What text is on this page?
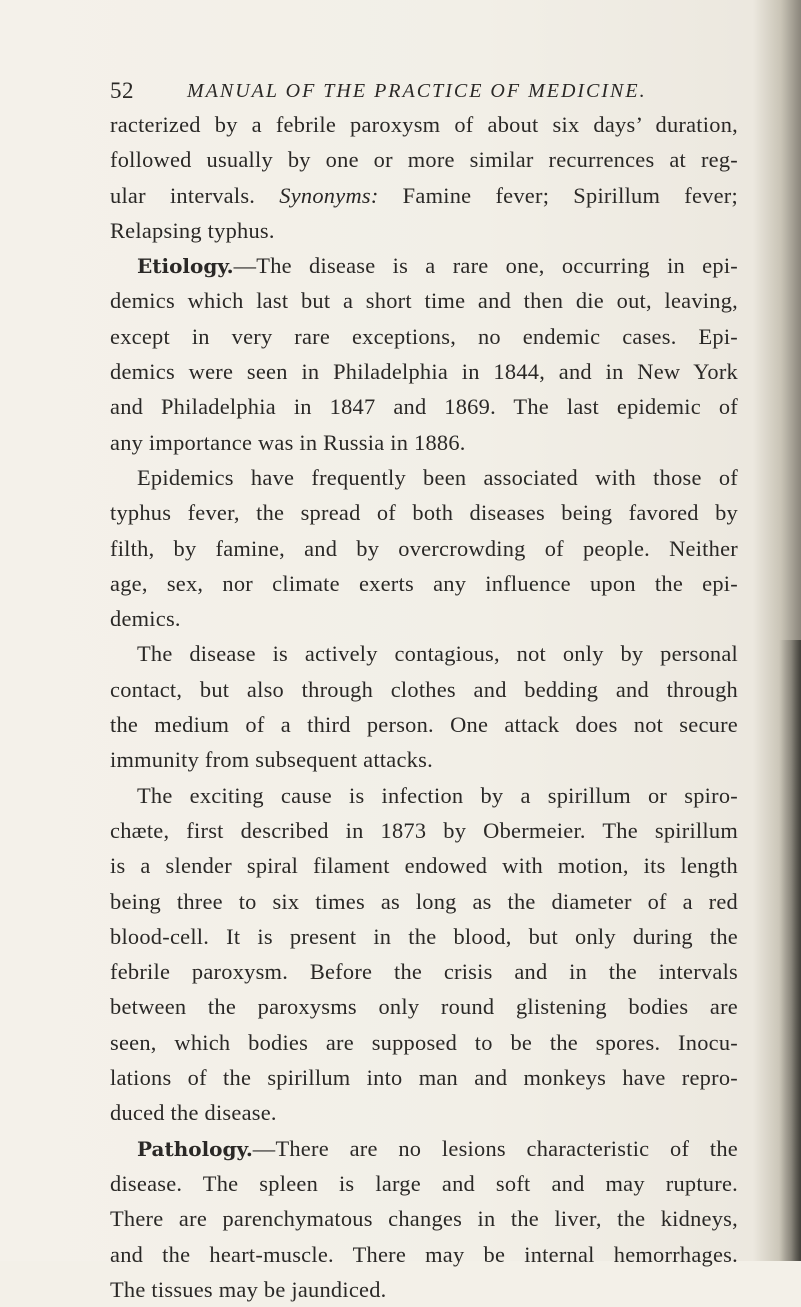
52	MANUAL OF THE PRACTICE OF MEDICINE.
racterized by a febrile paroxysm of about six days’ duration,
followed usually by one or more similar recurrences at reg-
ular intervals. Synonyms: Famine fever; Spirillum fever;
Relapsing typhus.
Etiology.—The disease is a rare one, occurring in epi-
demics which last but a short time and then die out, leaving,
except in very rare exceptions, no endemic cases. Epi-
demics were seen in Philadelphia in 1844, and in New York
and Philadelphia in 1847 and 1869. The last epidemic of
any importance was in Russia in 1886.
Epidemics have frequently been associated with those of
typhus fever, the spread of both diseases being favored by
filth, by famine, and by overcrowding of people. Neither
age, sex, nor climate exerts any influence upon the epi-
demics.
The disease is actively contagious, not only by personal
contact, but also through clothes and bedding and through
the medium of a third person. One attack does not secure
immunity from subsequent attacks.
The exciting cause is infection by a spirillum or spiro-
chæte, first described in 1873 by Obermeier. The spirillum
is a slender spiral filament endowed with motion, its length
being three to six times as long as the diameter of a red
blood-cell. It is present in the blood, but only during the
febrile paroxysm. Before the crisis and in the intervals
between the paroxysms only round glistening bodies are
seen, which bodies are supposed to be the spores. Inocu-
lations of the spirillum into man and monkeys have repro-
duced the disease.
Pathology.—There are no lesions characteristic of the
disease. The spleen is large and soft and may rupture.
There are parenchymatous changes in the liver, the kidneys,
and the heart-muscle. There may be internal hemorrhages.
The tissues may be jaundiced.
